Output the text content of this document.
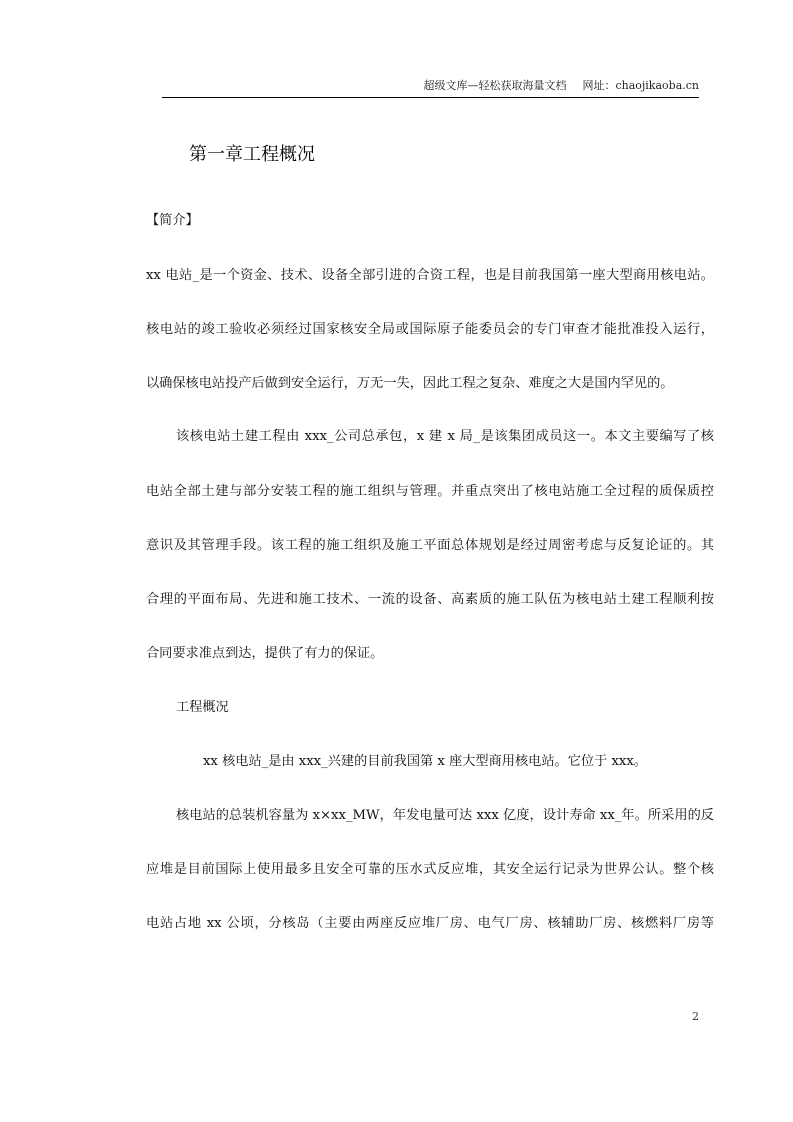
超级文库—轻松获取海量文档 网址：chaojikaoba.cn
第一章工程概况
【简介】
xx 电站_是一个资金、技术、设备全部引进的合资工程，也是目前我国第一座大型商用核电站。
核电站的竣工验收必须经过国家核安全局或国际原子能委员会的专门审查才能批准投入运行，
以确保核电站投产后做到安全运行，万无一失，因此工程之复杂、难度之大是国内罕见的。
该核电站土建工程由 xxx_公司总承包，x 建 x 局_是该集团成员这一。本文主要编写了核
电站全部土建与部分安装工程的施工组织与管理。并重点突出了核电站施工全过程的质保质控
意识及其管理手段。该工程的施工组织及施工平面总体规划是经过周密考虑与反复论证的。其
合理的平面布局、先进和施工技术、一流的设备、高素质的施工队伍为核电站土建工程顺利按
合同要求准点到达，提供了有力的保证。
工程概况
xx 核电站_是由 xxx_兴建的目前我国第 x 座大型商用核电站。它位于 xxx。
核电站的总装机容量为 x×xx_MW，年发电量可达 xxx 亿度，设计寿命 xx_年。所采用的反
应堆是目前国际上使用最多且安全可靠的压水式反应堆，其安全运行记录为世界公认。整个核
电站占地 xx 公顷，分核岛（主要由两座反应堆厂房、电气厂房、核辅助厂房、核燃料厂房等
2
